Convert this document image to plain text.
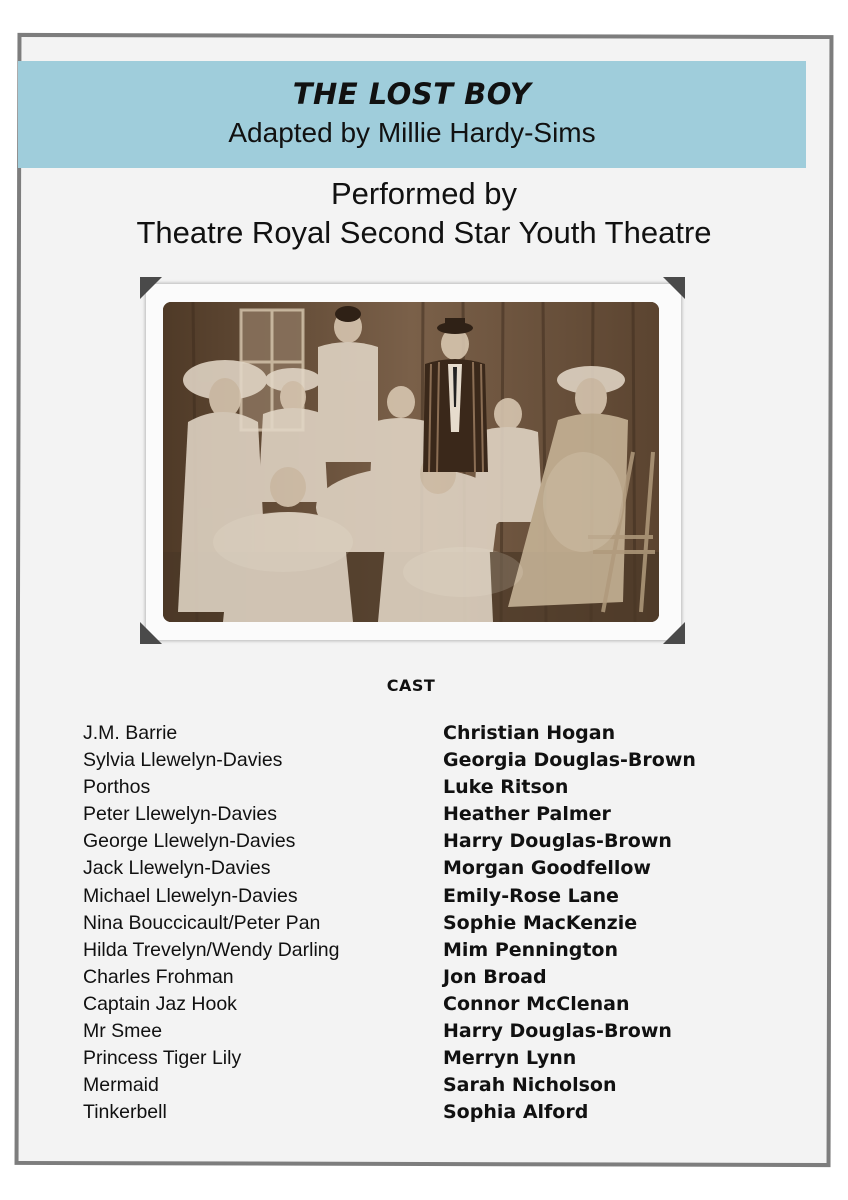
THE LOST BOY
Adapted by Millie Hardy-Sims
Performed by
Theatre Royal Second Star Youth Theatre
CAST
J.M. Barrie	Christian Hogan
Sylvia Llewelyn-Davies	Georgia Douglas-Brown
Porthos	Luke Ritson
Peter Llewelyn-Davies	Heather Palmer
George Llewelyn-Davies	Harry Douglas-Brown
Jack Llewelyn-Davies	Morgan Goodfellow
Michael Llewelyn-Davies	Emily-Rose Lane
Nina Bouccicault/Peter Pan	Sophie MacKenzie
Hilda Trevelyn/Wendy Darling	Mim Pennington
Charles Frohman	Jon Broad
Captain Jaz Hook	Connor McClenan
Mr Smee	Harry Douglas-Brown
Princess Tiger Lily	Merryn Lynn
Mermaid	Sarah Nicholson
Tinkerbell	Sophia Alford
